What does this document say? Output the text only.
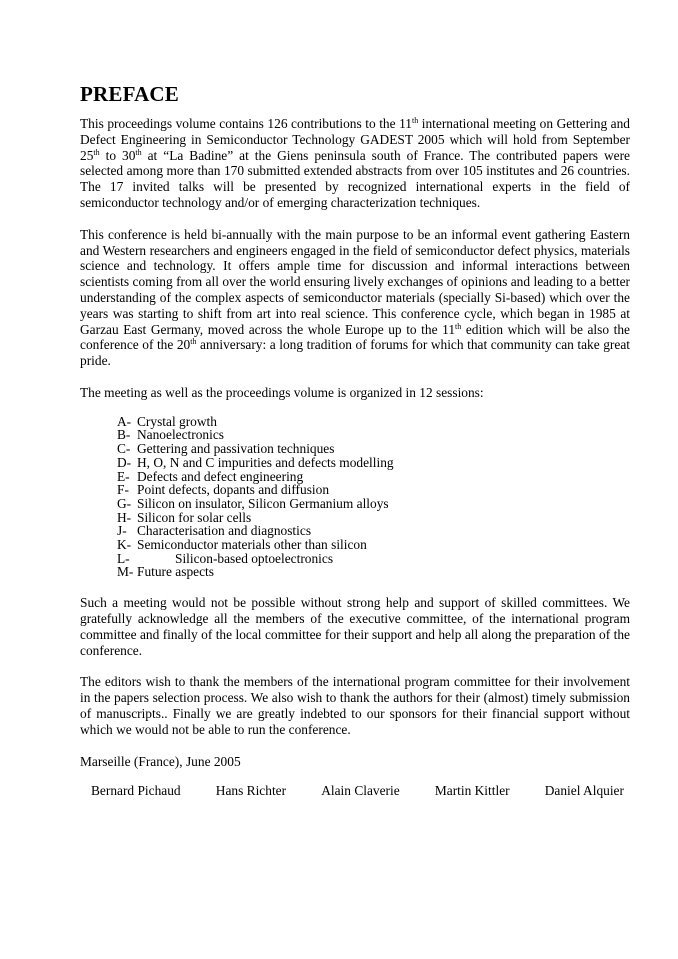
PREFACE

This proceedings volume contains 126 contributions to the 11th international meeting on Gettering and Defect Engineering in Semiconductor Technology GADEST 2005 which will hold from September 25th to 30th at “La Badine” at the Giens peninsula south of France. The contributed papers were selected among more than 170 submitted extended abstracts from over 105 institutes and 26 countries. The 17 invited talks will be presented by recognized international experts in the field of semiconductor technology and/or of emerging characterization techniques.

This conference is held bi-annually with the main purpose to be an informal event gathering Eastern and Western researchers and engineers engaged in the field of semiconductor defect physics, materials science and technology. It offers ample time for discussion and informal interactions between scientists coming from all over the world ensuring lively exchanges of opinions and leading to a better understanding of the complex aspects of semiconductor materials (specially Si-based) which over the years was starting to shift from art into real science. This conference cycle, which began in 1985 at Garzau East Germany, moved across the whole Europe up to the 11th edition which will be also the conference of the 20th anniversary: a long tradition of forums for which that community can take great pride.

The meeting as well as the proceedings volume is organized in 12 sessions:

A- Crystal growth
B- Nanoelectronics
C- Gettering and passivation techniques
D- H, O, N and C impurities and defects modelling
E- Defects and defect engineering
F- Point defects, dopants and diffusion
G- Silicon on insulator, Silicon Germanium alloys
H- Silicon for solar cells
J- Characterisation and diagnostics
K- Semiconductor materials other than silicon
L-	Silicon-based optoelectronics
M- Future aspects

Such a meeting would not be possible without strong help and support of skilled committees. We gratefully acknowledge all the members of the executive committee, of the international program committee and finally of the local committee for their support and help all along the preparation of the conference.

The editors wish to thank the members of the international program committee for their involvement in the papers selection process. We also wish to thank the authors for their (almost) timely submission of manuscripts.. Finally we are greatly indebted to our sponsors for their financial support without which we would not be able to run the conference.

Marseille (France), June 2005
Bernard Pichaud	Hans Richter	Alain Claverie	Martin Kittler	Daniel Alquier
